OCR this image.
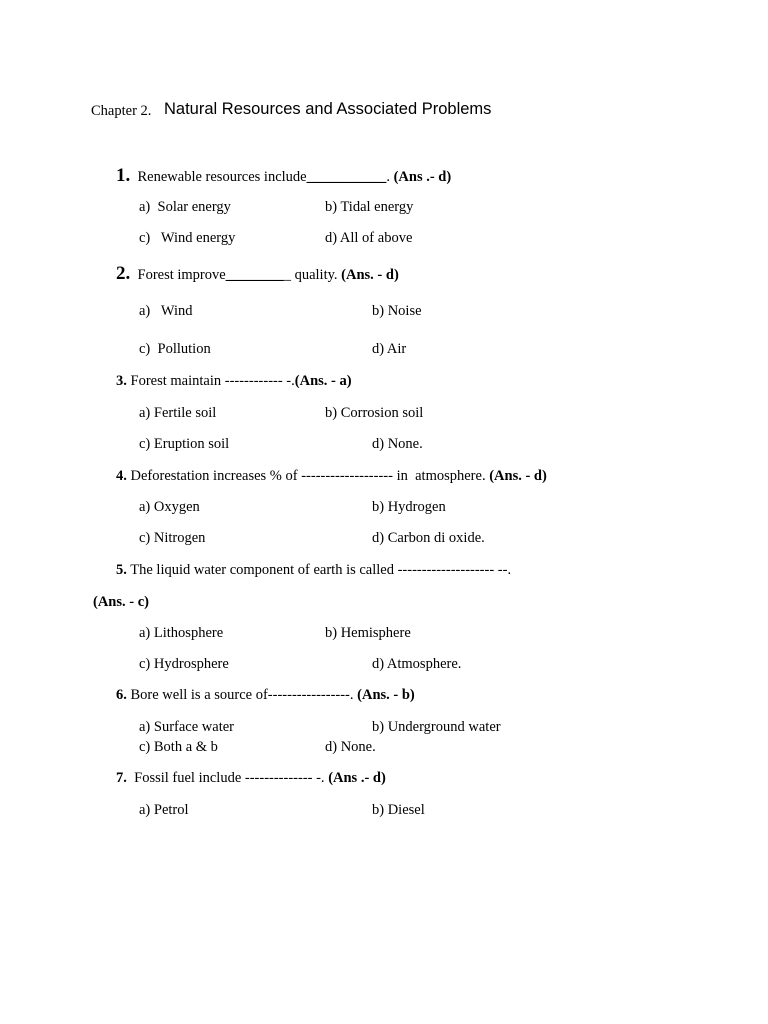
Chapter 2. Natural Resources and Associated Problems
1. Renewable resources include___________. (Ans .- d)
a)  Solar energy	b) Tidal energy
c)   Wind energy	d) All of above
2. Forest improve_________ quality. (Ans. - d)
a)   Wind	b) Noise
c)  Pollution	d) Air
3. Forest maintain ------------ -.(Ans. - a)
a) Fertile soil	b) Corrosion soil
c) Eruption soil	d) None.
4. Deforestation increases % of ------------------- in  atmosphere. (Ans. - d)
a) Oxygen	b) Hydrogen
c) Nitrogen	d) Carbon di oxide.
5. The liquid water component of earth is called -------------------- --.
(Ans. - c)
a) Lithosphere	b) Hemisphere
c) Hydrosphere	d) Atmosphere.
6. Bore well is a source of-----------------. (Ans. - b)
a) Surface water	b) Underground water
c) Both a & b	d) None.
7. Fossil fuel include -------------- -. (Ans .- d)
a) Petrol	b) Diesel
